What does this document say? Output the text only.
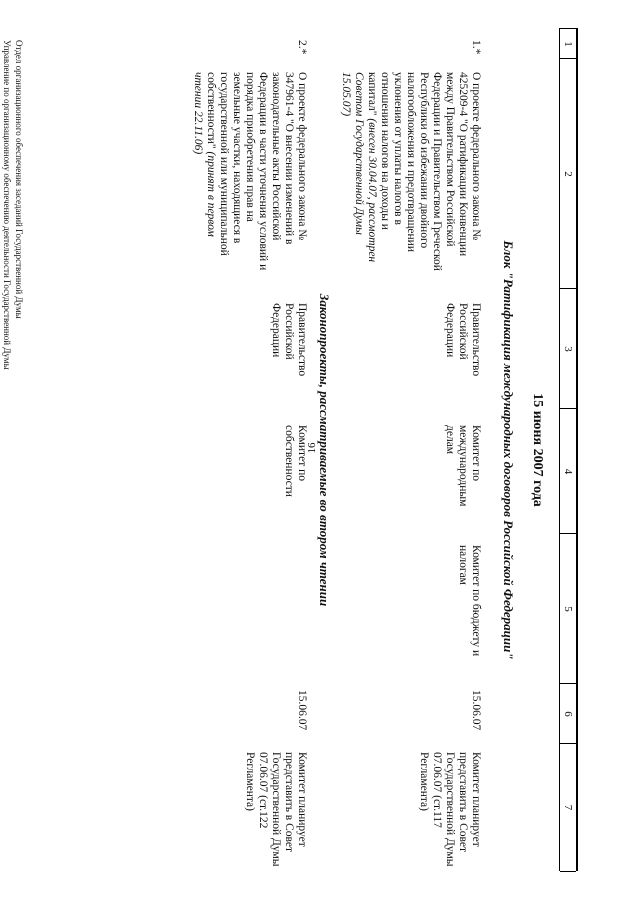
16
1
2
3
4
5
6
7
15 июня 2007 года
Блок "Ратификация международных договоров Российской Федерации"
1.*
О проекте федерального закона № 425209-4 "О ратификации Конвенции между Правительством Российской Федерации и Правительством Греческой Республики об избежании двойного налогообложения и предотвращении уклонения от уплаты налогов в отношении налогов на доходы и капитал" (внесен 30.04.07, рассмотрен Советом Государственной Думы 15.05.07)
Правительство Российской Федерации
Комитет по международным делам
Комитет по бюджету и налогам
15.06.07
Комитет планирует представить в Совет Государственной Думы 07.06.07 (ст.117 Регламента)
Законопроекты, рассматриваемые во втором чтении
2.*
О проекте федерального закона № 347961-4 "О внесении изменений в законодательные акты Российской Федерации в части уточнения условий и порядка приобретения прав на земельные участки, находящиеся в государственной или муниципальной собственности" (принят в первом чтении 22.11.06)
Правительство Российской Федерации
Комитет по собственности
15.06.07
Комитет планирует представить в Совет Государственной Думы 07.06.07 (ст.122 Регламента)
Отдел организационного обеспечения заседаний Государственной Думы
Управление по организационному обеспечению деятельности Государственной Думы
